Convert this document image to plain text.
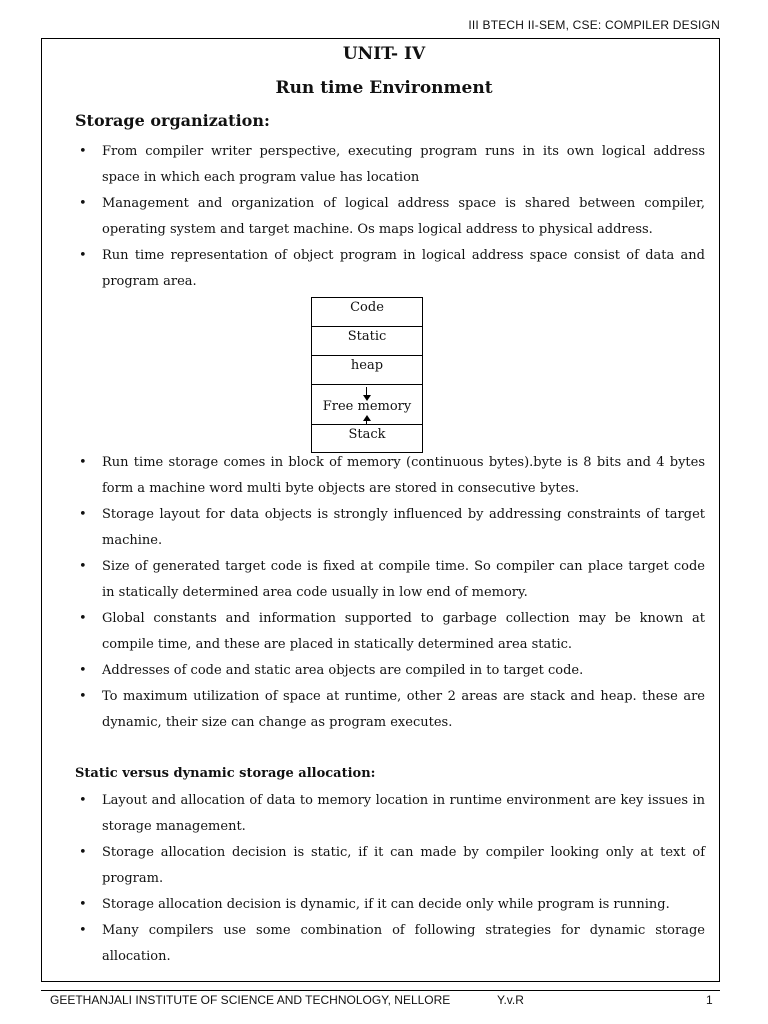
III BTECH II-SEM, CSE: COMPILER DESIGN
UNIT- IV
Run time Environment
Storage organization:
• From compiler writer perspective, executing program runs in its own logical address space in which each program value has location
• Management and organization of logical address space is shared between compiler, operating system and target machine. Os maps logical address to physical address.
• Run time representation of object program in logical address space consist of data and program area.
Code
Static
heap
Free memory
Stack
• Run time storage comes in block of memory (continuous bytes).byte is 8 bits and 4 bytes form a machine word multi byte objects are stored in consecutive bytes.
• Storage layout for data objects is strongly influenced by addressing constraints of target machine.
• Size of generated target code is fixed at compile time. So compiler can place target code in statically determined area code usually in low end of memory.
• Global constants and information supported to garbage collection may be known at compile time, and these are placed in statically determined area static.
• Addresses of code and static area objects are compiled in to target code.
• To maximum utilization of space at runtime, other 2 areas are stack and heap. these are dynamic, their size can change as program executes.
Static versus dynamic storage allocation:
• Layout and allocation of data to memory location in runtime environment are key issues in storage management.
• Storage allocation decision is static, if it can made by compiler looking only at text of program.
• Storage allocation decision is dynamic, if it can decide only while program is running.
• Many compilers use some combination of following strategies for dynamic storage allocation.
GEETHANJALI INSTITUTE OF SCIENCE AND TECHNOLOGY, NELLORE	Y.v.R	1
